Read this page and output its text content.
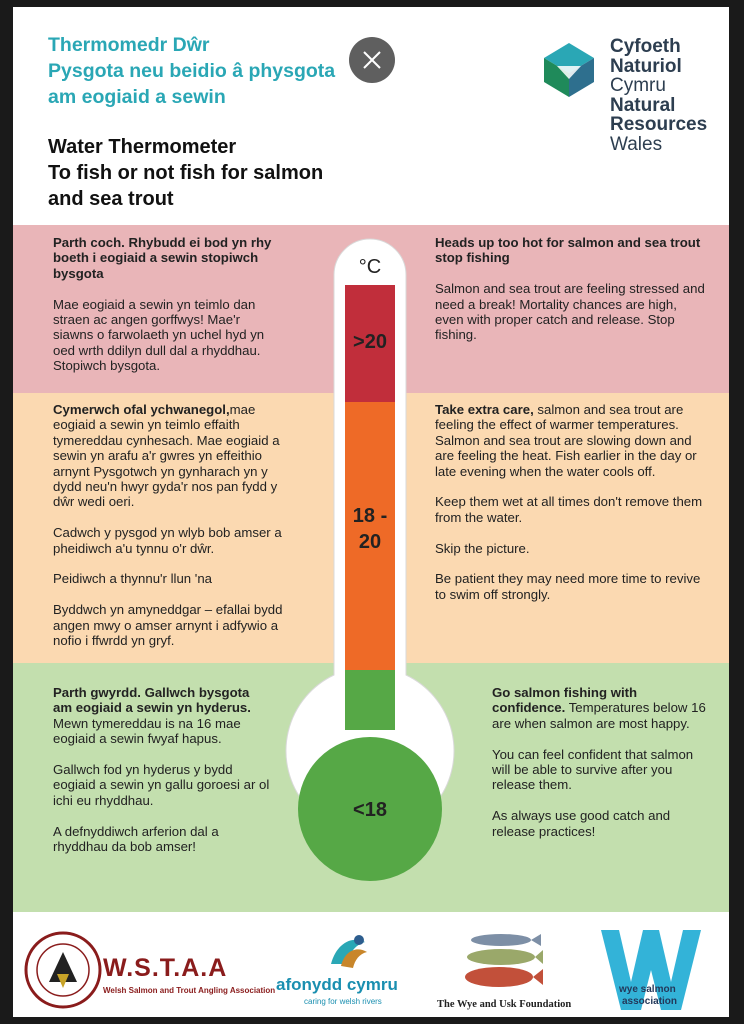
Thermomedr Dŵr
Pysgota neu beidio â physgota
am eogiaid a sewin
Water Thermometer
To fish or not fish for salmon
and sea trout
Cyfoeth
Naturiol
Cymru
Natural
Resources
Wales

Parth coch. Rhybudd ei bod yn rhy boeth i eogiaid a sewin stopiwch bysgota

Mae eogiaid a sewin yn teimlo dan straen ac angen gorffwys! Mae'r siawns o farwolaeth yn uchel hyd yn oed wrth ddilyn dull dal a rhyddhau. Stopiwch bysgota.

Heads up too hot for salmon and sea trout stop fishing

Salmon and sea trout are feeling stressed and need a break! Mortality chances are high, even with proper catch and release. Stop fishing.

Cymerwch ofal ychwanegol,mae eogiaid a sewin yn teimlo effaith tymereddau cynhesach. Mae eogiaid a sewin yn arafu a'r gwres yn effeithio arnynt Pysgotwch yn gynharach yn y dydd neu'n hwyr gyda'r nos pan fydd y dŵr wedi oeri.

Cadwch y pysgod yn wlyb bob amser a pheidiwch a'u tynnu o'r dŵr.

Peidiwch a thynnu'r llun 'na

Byddwch yn amyneddgar – efallai bydd angen mwy o amser arnynt i adfywio a nofio i ffwrdd yn gryf.

Take extra care, salmon and sea trout are feeling the effect of warmer temperatures. Salmon and sea trout are slowing down and are feeling the heat. Fish earlier in the day or late evening when the water cools off.

Keep them wet at all times don't remove them from the water.

Skip the picture.

Be patient they may need more time to revive to swim off strongly.

Parth gwyrdd. Gallwch bysgota am eogiaid a sewin yn hyderus. Mewn tymereddau is na 16 mae eogiaid a sewin fwyaf hapus.

Gallwch fod yn hyderus y bydd eogiaid a sewin yn gallu goroesi ar ol ichi eu rhyddhau.

A defnyddiwch arferion dal a rhyddhau da bob amser!

Go salmon fishing with confidence. Temperatures below 16 are when salmon are most happy.

You can feel confident that salmon will be able to survive after you release them.

As always use good catch and release practices!

°C
>20
18 -
20
<18
W.S.T.A.A
Welsh Salmon and Trout Angling Association afonydd cymru
caring for welsh rivers	The Wye and Usk Foundation
wye salmon
association
